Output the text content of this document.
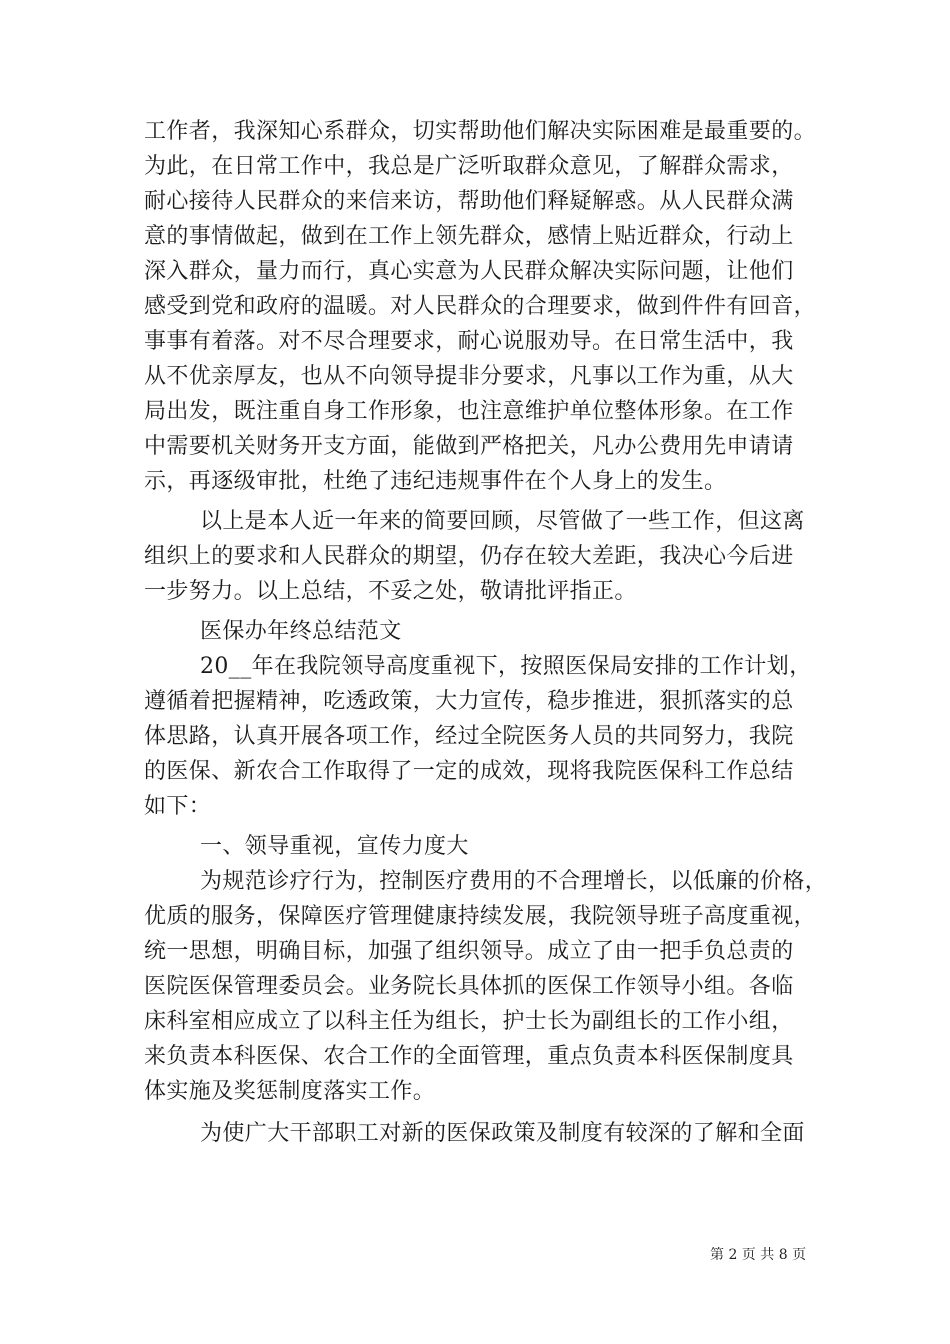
工作者，我深知心系群众，切实帮助他们解决实际困难是最重要的。
为此，在日常工作中，我总是广泛听取群众意见，了解群众需求，
耐心接待人民群众的来信来访，帮助他们释疑解惑。从人民群众满
意的事情做起，做到在工作上领先群众，感情上贴近群众，行动上
深入群众，量力而行，真心实意为人民群众解决实际问题，让他们
感受到党和政府的温暖。对人民群众的合理要求，做到件件有回音，
事事有着落。对不尽合理要求，耐心说服劝导。在日常生活中，我
从不优亲厚友，也从不向领导提非分要求，凡事以工作为重，从大
局出发，既注重自身工作形象，也注意维护单位整体形象。在工作
中需要机关财务开支方面，能做到严格把关，凡办公费用先申请请
示，再逐级审批，杜绝了违纪违规事件在个人身上的发生。
以上是本人近一年来的简要回顾，尽管做了一些工作，但这离
组织上的要求和人民群众的期望，仍存在较大差距，我决心今后进
一步努力。以上总结，不妥之处，敬请批评指正。
医保办年终总结范文
20__年在我院领导高度重视下，按照医保局安排的工作计划，
遵循着把握精神，吃透政策，大力宣传，稳步推进，狠抓落实的总
体思路，认真开展各项工作，经过全院医务人员的共同努力，我院
的医保、新农合工作取得了一定的成效，现将我院医保科工作总结
如下：
一、领导重视，宣传力度大
为规范诊疗行为，控制医疗费用的不合理增长，以低廉的价格，
优质的服务，保障医疗管理健康持续发展，我院领导班子高度重视，
统一思想，明确目标，加强了组织领导。成立了由一把手负总责的
医院医保管理委员会。业务院长具体抓的医保工作领导小组。各临
床科室相应成立了以科主任为组长，护士长为副组长的工作小组，
来负责本科医保、农合工作的全面管理，重点负责本科医保制度具
体实施及奖惩制度落实工作。
为使广大干部职工对新的医保政策及制度有较深的了解和全面
第 2 页 共 8 页
